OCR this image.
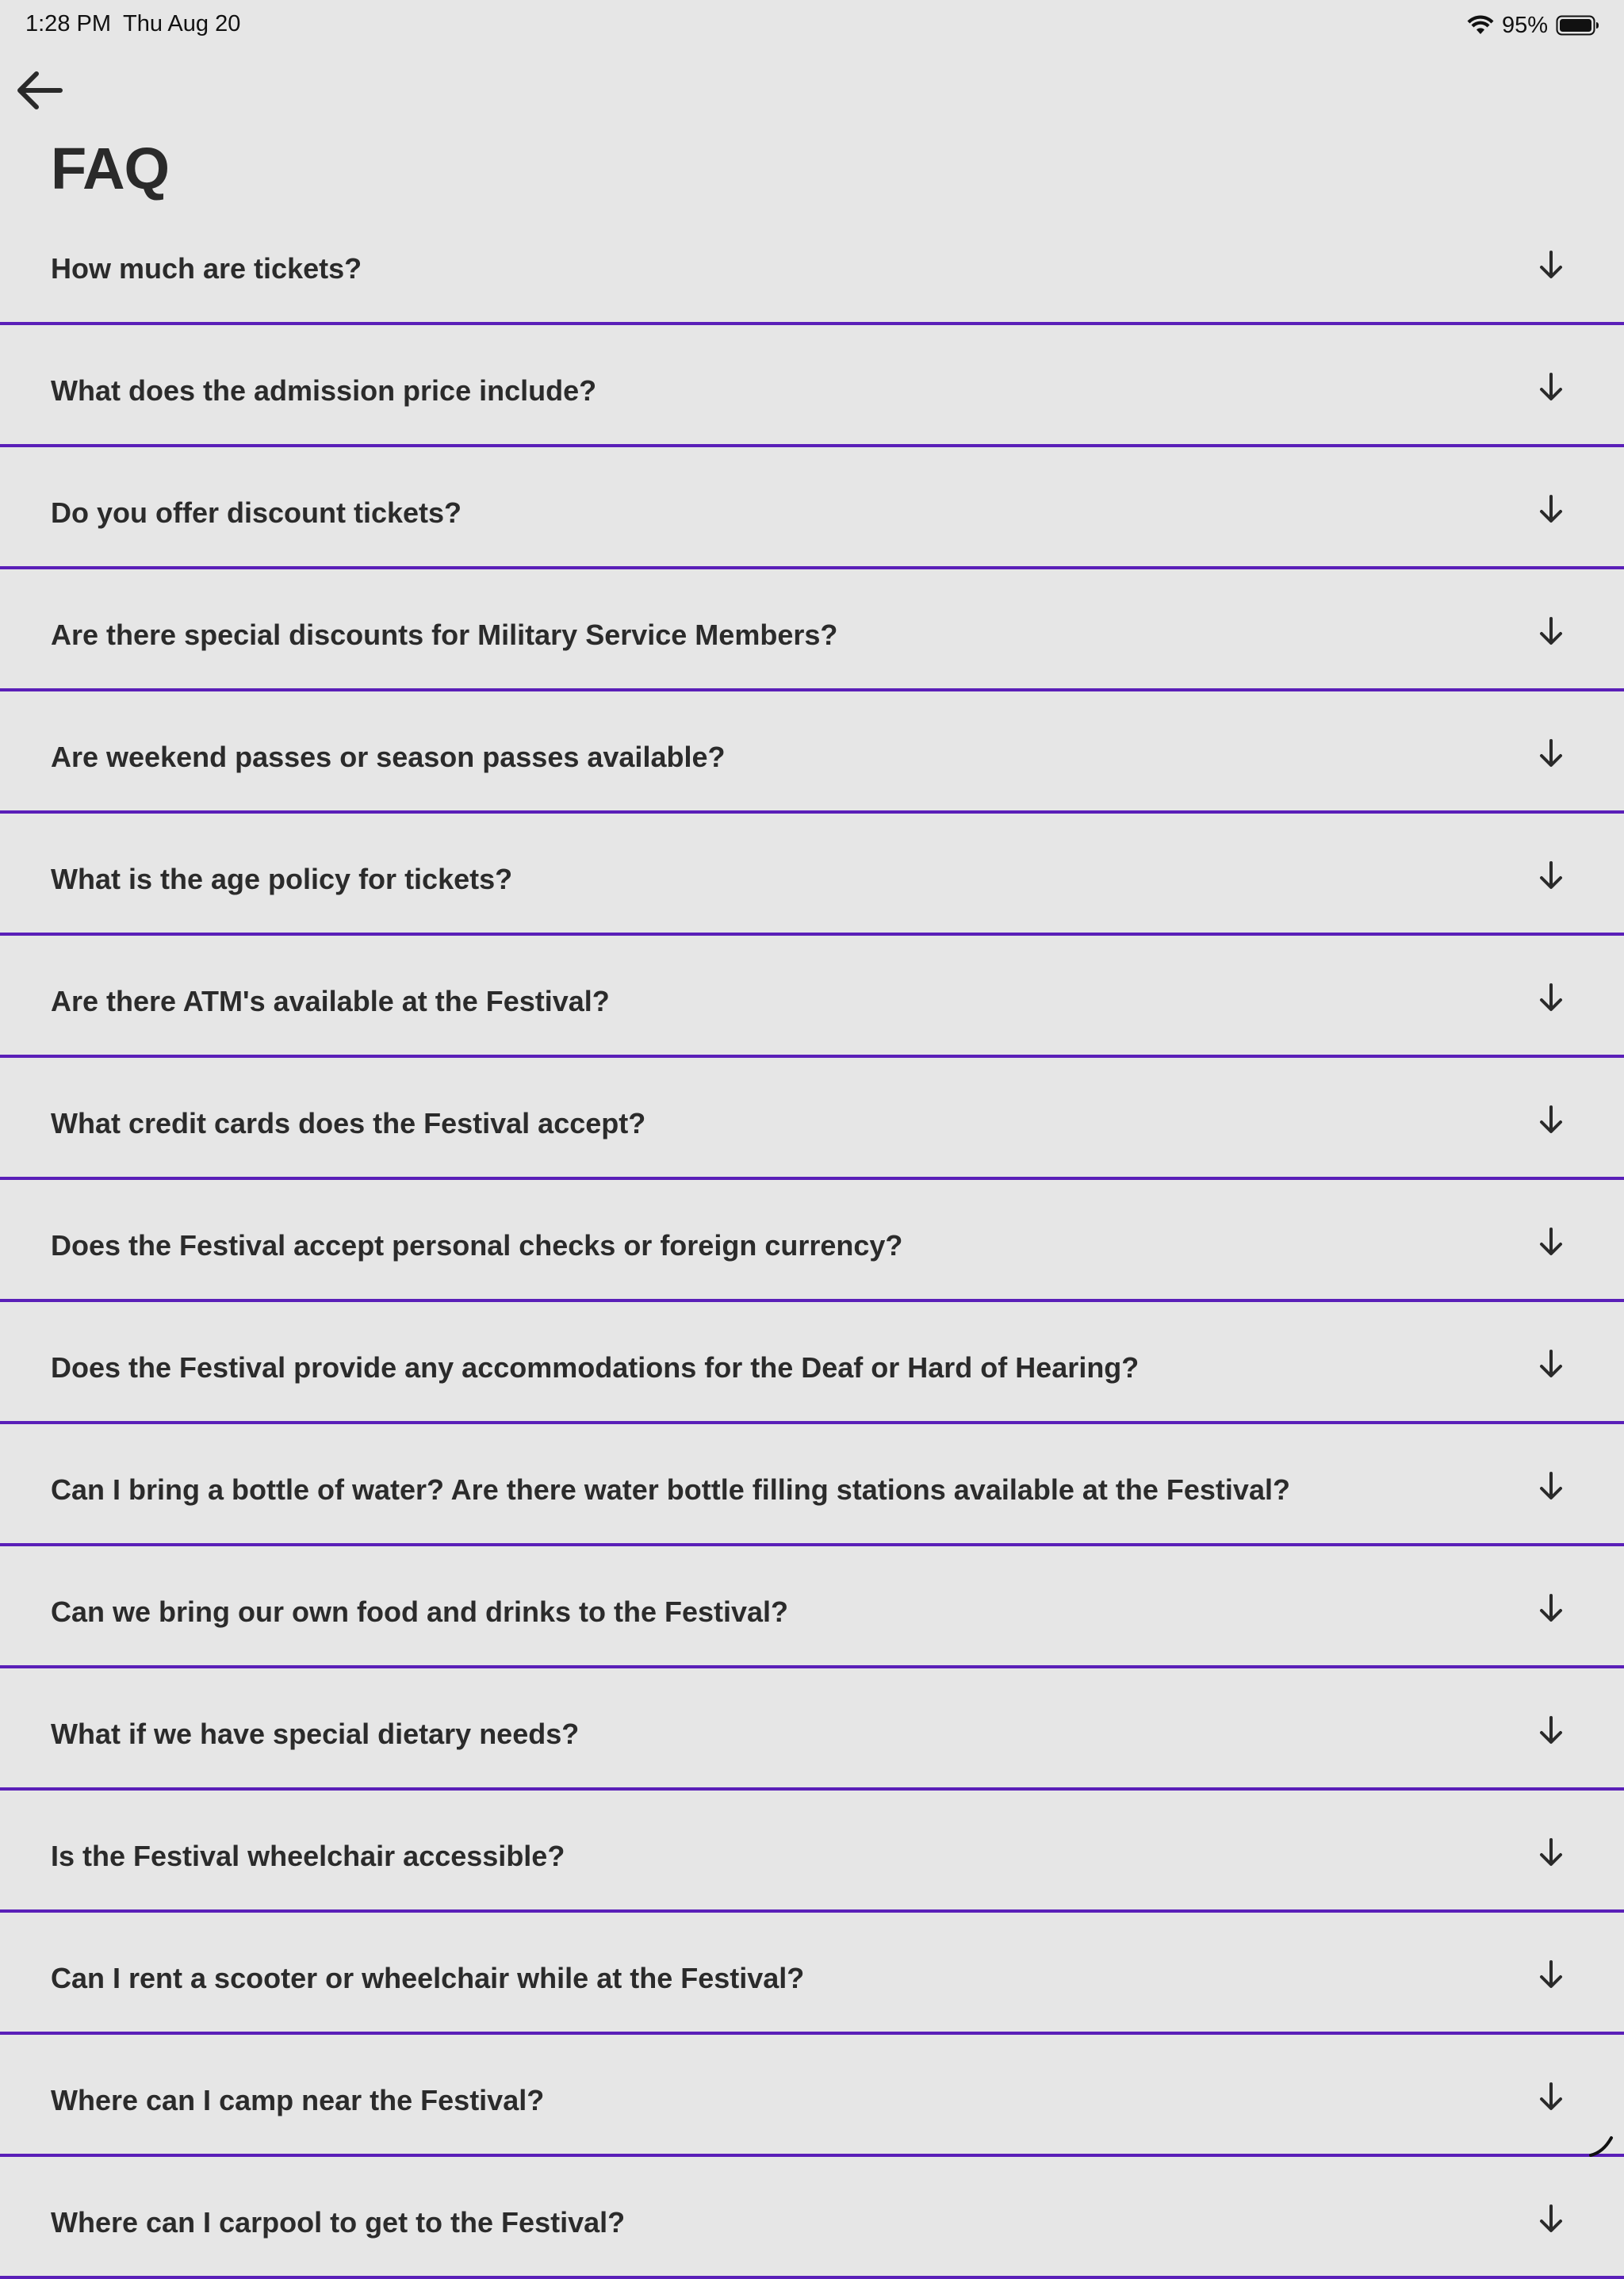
1:28 PM Thu Aug 20	95%
FAQ
How much are tickets?
What does the admission price include?
Do you offer discount tickets?
Are there special discounts for Military Service Members?
Are weekend passes or season passes available?
What is the age policy for tickets?
Are there ATM's available at the Festival?
What credit cards does the Festival accept?
Does the Festival accept personal checks or foreign currency?
Does the Festival provide any accommodations for the Deaf or Hard of Hearing?
Can I bring a bottle of water? Are there water bottle filling stations available at the Festival?
Can we bring our own food and drinks to the Festival?
What if we have special dietary needs?
Is the Festival wheelchair accessible?
Can I rent a scooter or wheelchair while at the Festival?
Where can I camp near the Festival?
Where can I carpool to get to the Festival?
